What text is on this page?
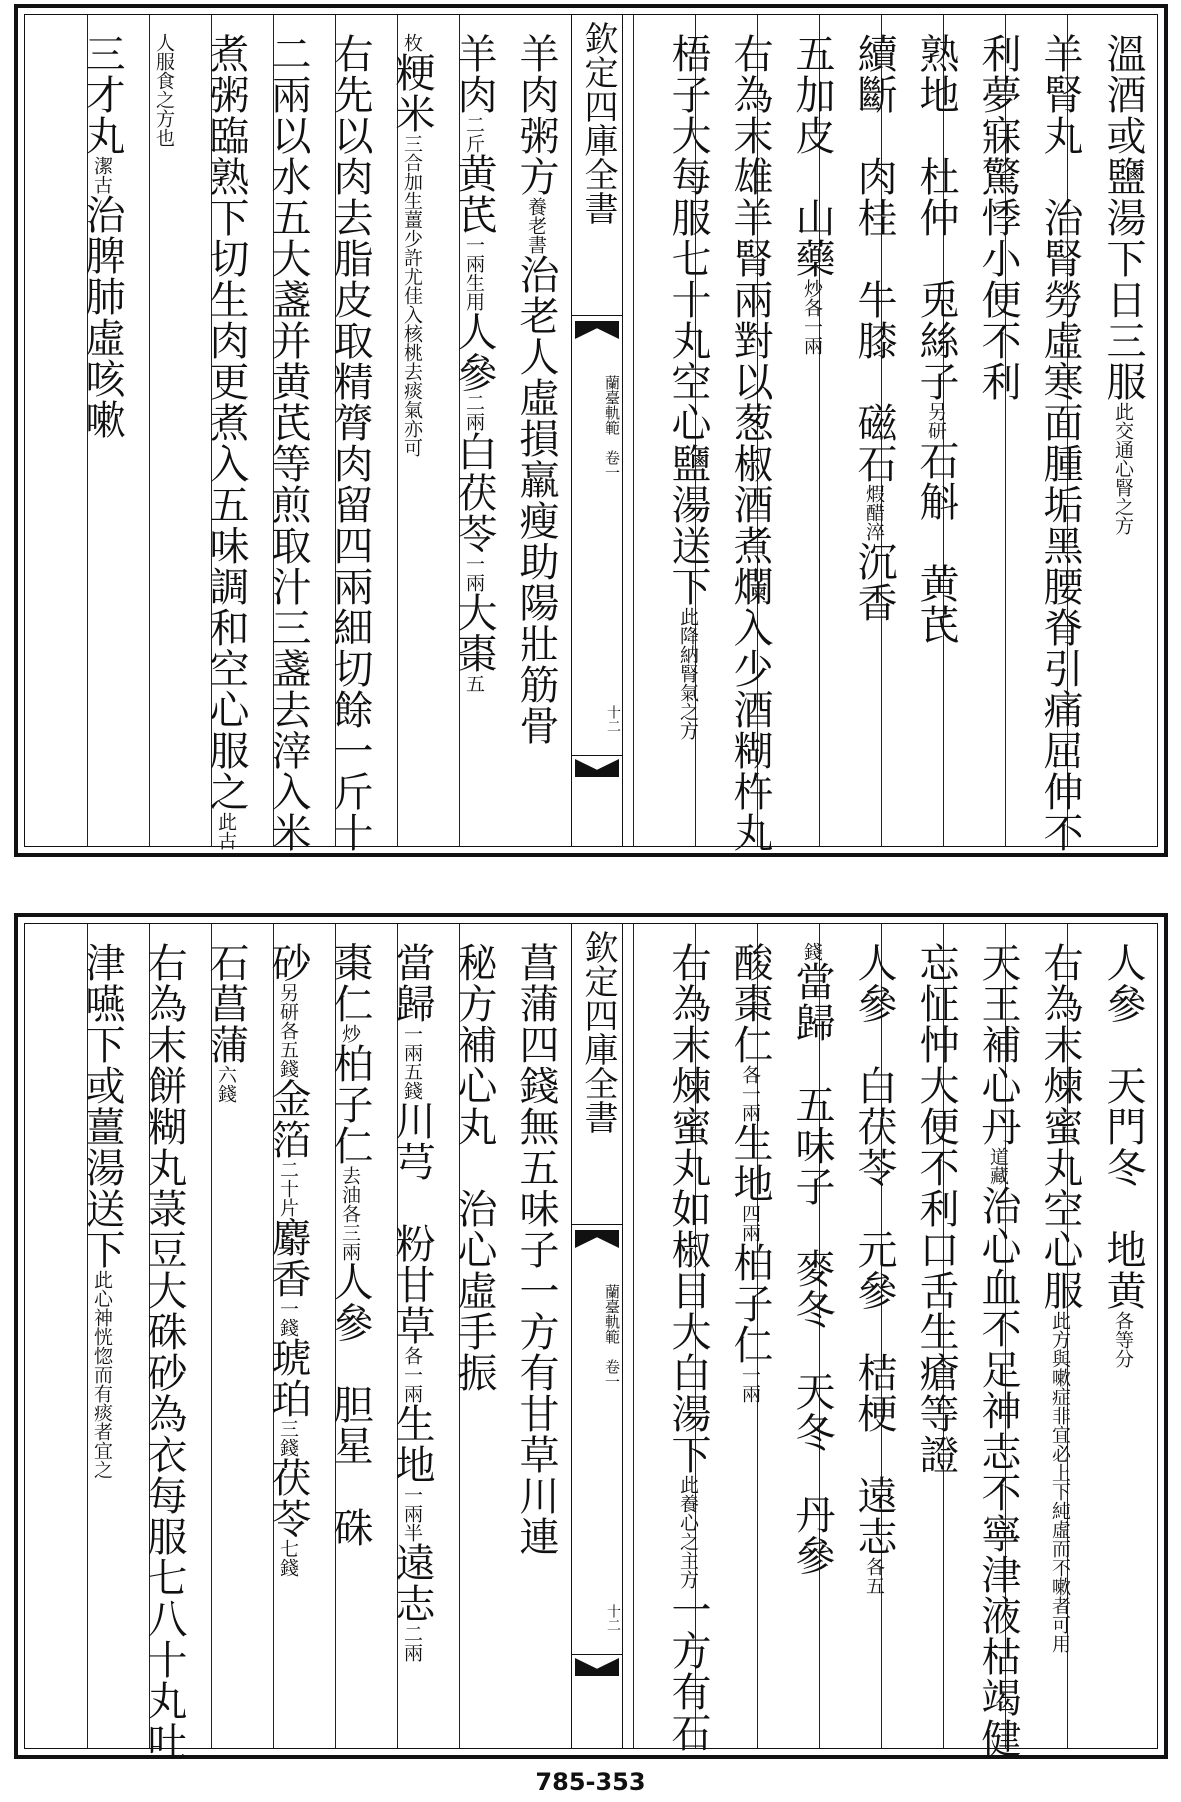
欽定四庫全書
蘭臺軌範　卷一
十二
溫酒或鹽湯下日三服此交通心腎之方
羊腎丸　治腎勞虛寒面腫垢黑腰脊引痛屈伸不
利夢寐驚悸小便不利
熟地　杜仲　兎絲子另研石斛　黄芪
續斷　肉桂　牛膝　磁石煆醋淬沉香
五加皮　山藥炒各一兩
右為末雄羊腎兩對以葱椒酒煮爛入少酒糊杵丸
梧子大每服七十丸空心鹽湯送下此降納腎氣之方
羊肉粥方養老書治老人虛損羸瘦助陽壯筋骨
羊肉二斤黄芪一兩生用人參二兩白茯苓一兩大棗五
枚粳米三合加生薑少許尤佳入核桃去痰氣亦可
右先以肉去脂皮取精膂肉留四兩細切餘一斤十
二兩以水五大盞并黄芪等煎取汁三盞去滓入米
煮粥臨熟下切生肉更煮入五味調和空心服之此古
人服食之方也
三才丸潔古治脾肺虛咳嗽
欽定四庫全書
蘭臺軌範　卷一
十二
人參　天門冬　地黄各等分
右為末煉蜜丸空心服此方與嗽症非宜必上下純虛而不嗽者可用
天王補心丹道藏治心血不足神志不寧津液枯竭健
忘怔忡大便不利口舌生瘡等證
人參　白茯苓　元參　桔梗　遠志各五
錢當歸　五味子　麥冬　天冬　丹參
酸棗仁各一兩生地四兩柏子仁一兩
右為末煉蜜丸如椒目大白湯下此養心之主方一方有石
菖蒲四錢無五味子一方有甘草川連
秘方補心丸　治心虛手振
當歸一兩五錢川芎　粉甘草各一兩生地一兩半遠志二兩
棗仁炒柏子仁去油各三兩人參　胆星　硃
砂另研各五錢金箔二十片麝香一錢琥珀三錢茯苓七錢
石菖蒲六錢
右為末餅糊丸菉豆大硃砂為衣每服七八十丸吐
津嚥下或薑湯送下此心神恍惚而有痰者宜之
785-353
